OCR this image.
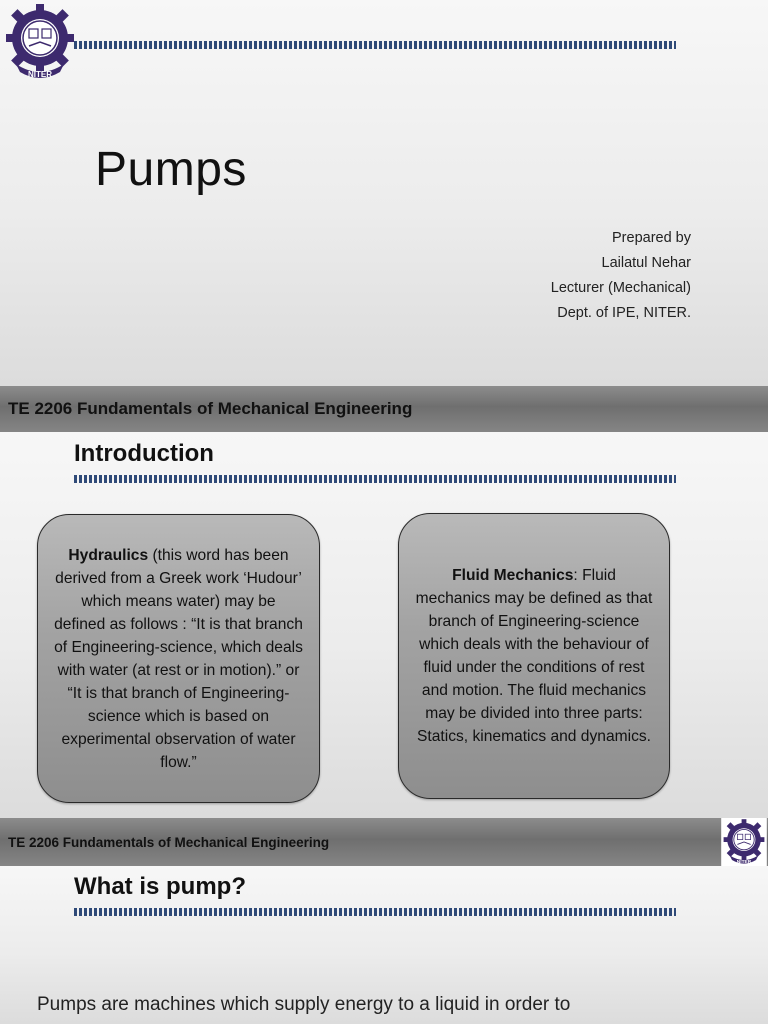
NITER
Pumps
Prepared by
Lailatul Nehar
Lecturer (Mechanical)
Dept. of IPE, NITER.
TE 2206 Fundamentals of Mechanical Engineering
Introduction
Hydraulics (this word has been derived from a Greek work ‘Hudour’ which means water) may be defined as follows : “It is that branch of Engineering-science, which deals with water (at rest or in motion).” or “It is that branch of Engineering-science which is based on experimental observation of water flow.”
Fluid Mechanics: Fluid mechanics may be defined as that branch of Engineering-science which deals with the behaviour of fluid under the conditions of rest and motion. The fluid mechanics may be divided into three parts: Statics, kinematics and dynamics.
TE 2206 Fundamentals of Mechanical Engineering
NITER
What is pump?
Pumps are machines which supply energy to a liquid in order to
